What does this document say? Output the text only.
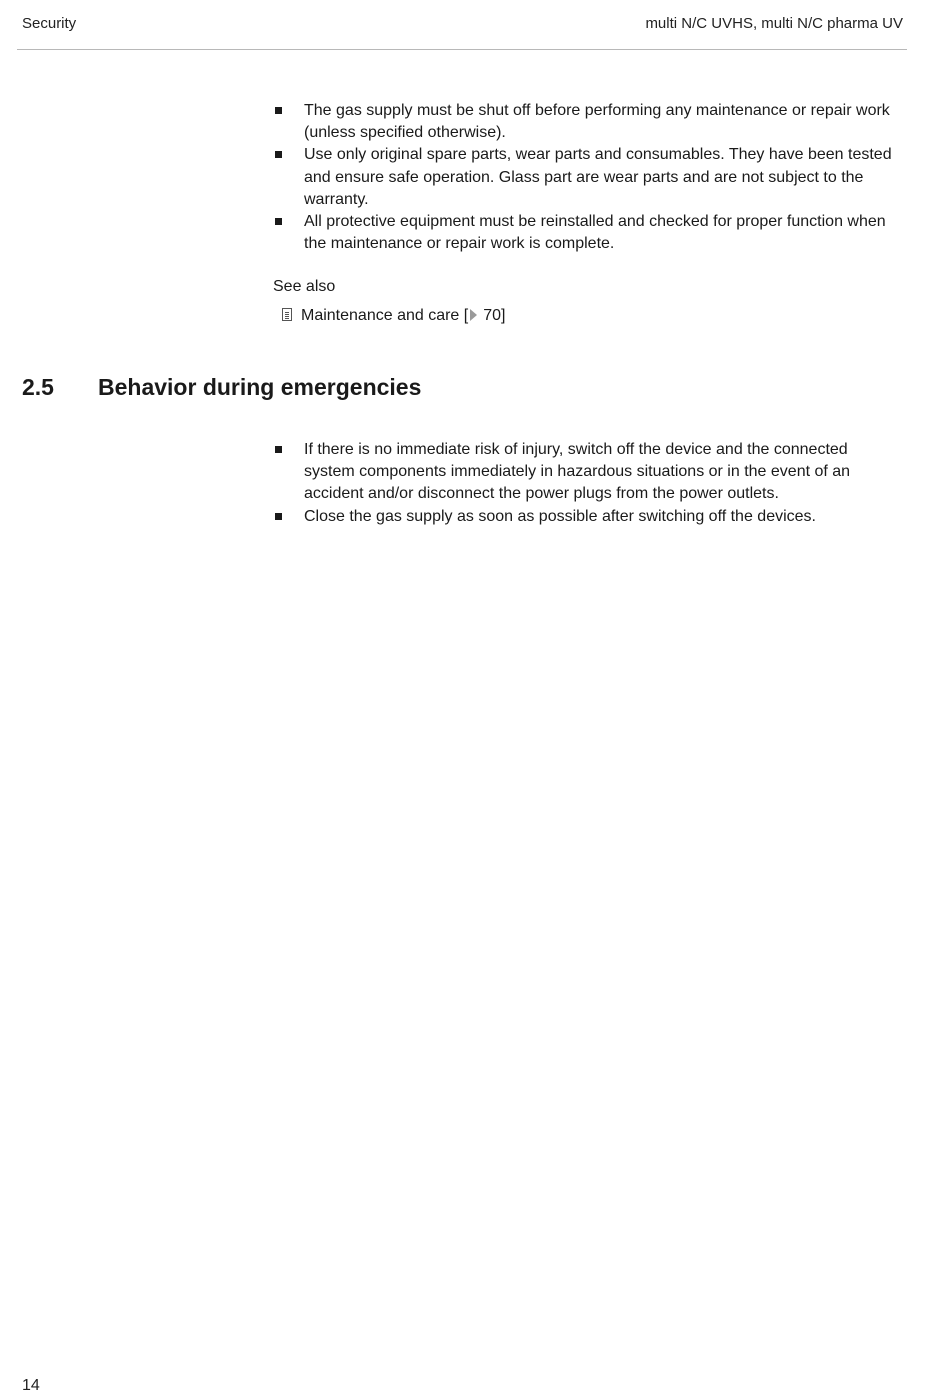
Security	multi N/C UVHS, multi N/C pharma UV
The gas supply must be shut off before performing any maintenance or repair work (unless specified otherwise).
Use only original spare parts, wear parts and consumables. They have been tested and ensure safe operation. Glass part are wear parts and are not subject to the warranty.
All protective equipment must be reinstalled and checked for proper function when the maintenance or repair work is complete.
See also
Maintenance and care [ 70]
2.5 Behavior during emergencies
If there is no immediate risk of injury, switch off the device and the connected system components immediately in hazardous situations or in the event of an accident and/or disconnect the power plugs from the power outlets.
Close the gas supply as soon as possible after switching off the devices.
14
